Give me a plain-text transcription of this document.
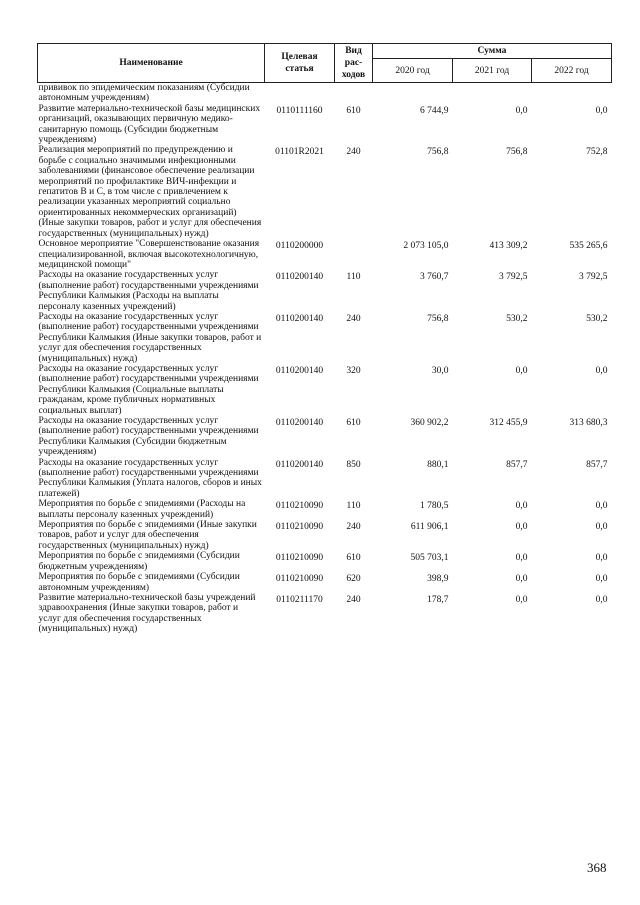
Наименование	Целевая статья	Вид рас-ходов	Сумма		
			2020 год	2021 год	2022 год
прививок по эпидемическим показаниям (Субсидии автономным учреждениям)					
Развитие материально-технической базы медицинских организаций, оказывающих первичную медико-санитарную помощь (Субсидии бюджетным учреждениям)	0110111160	610	6 744,9	0,0	0,0
Реализация мероприятий по предупреждению и борьбе с социально значимыми инфекционными заболеваниями (финансовое обеспечение реализации мероприятий по профилактике ВИЧ-инфекции и гепатитов В и С, в том числе с привлечением к реализации указанных мероприятий социально ориентированных некоммерческих организаций) (Иные закупки товаров, работ и услуг для обеспечения государственных (муниципальных) нужд)	01101R2021	240	756,8	756,8	752,8
Основное мероприятие "Совершенствование оказания специализированной, включая высокотехнологичную, медицинской помощи"	0110200000		2 073 105,0	413 309,2	535 265,6
Расходы на оказание государственных услуг (выполнение работ) государственными учреждениями Республики Калмыкия (Расходы на выплаты персоналу казенных учреждений)	0110200140	110	3 760,7	3 792,5	3 792,5
Расходы на оказание государственных услуг (выполнение работ) государственными учреждениями Республики Калмыкия (Иные закупки товаров, работ и услуг для обеспечения государственных (муниципальных) нужд)	0110200140	240	756,8	530,2	530,2
Расходы на оказание государственных услуг (выполнение работ) государственными учреждениями Республики Калмыкия (Социальные выплаты гражданам, кроме публичных нормативных социальных выплат)	0110200140	320	30,0	0,0	0,0
Расходы на оказание государственных услуг (выполнение работ) государственными учреждениями Республики Калмыкия (Субсидии бюджетным учреждениям)	0110200140	610	360 902,2	312 455,9	313 680,3
Расходы на оказание государственных услуг (выполнение работ) государственными учреждениями Республики Калмыкия (Уплата налогов, сборов и иных платежей)	0110200140	850	880,1	857,7	857,7
Мероприятия по борьбе с эпидемиями (Расходы на выплаты персоналу казенных учреждений)	0110210090	110	1 780,5	0,0	0,0
Мероприятия по борьбе с эпидемиями (Иные закупки товаров, работ и услуг для обеспечения государственных (муниципальных) нужд)	0110210090	240	611 906,1	0,0	0,0
Мероприятия по борьбе с эпидемиями (Субсидии бюджетным учреждениям)	0110210090	610	505 703,1	0,0	0,0
Мероприятия по борьбе с эпидемиями (Субсидии автономным учреждениям)	0110210090	620	398,9	0,0	0,0
Развитие материально-технической базы учреждений здравоохранения (Иные закупки товаров, работ и услуг для обеспечения государственных (муниципальных) нужд)	0110211170	240	178,7	0,0	0,0
368
